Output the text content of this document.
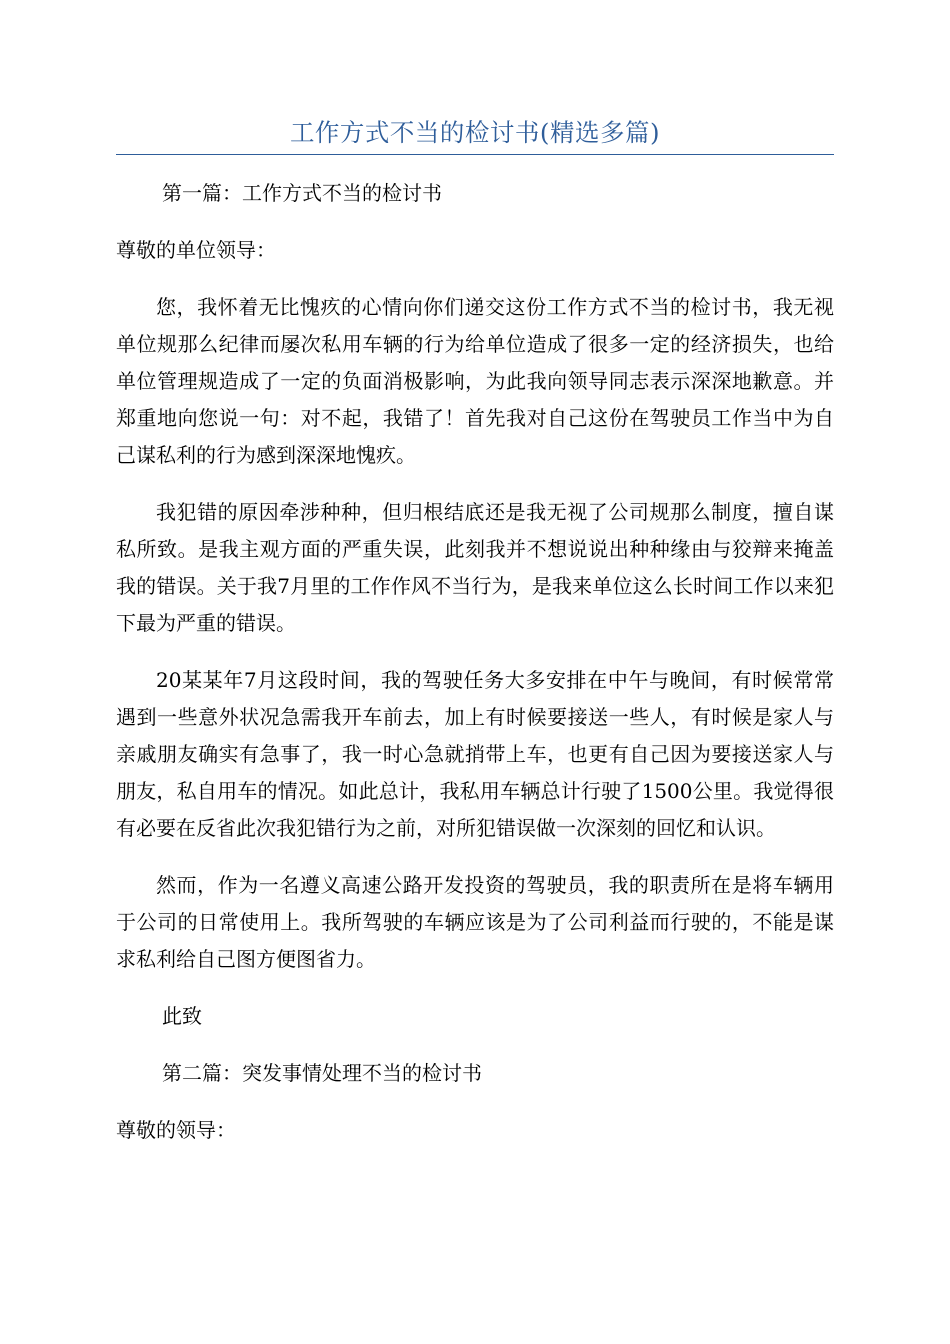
工作方式不当的检讨书(精选多篇)

第一篇：工作方式不当的检讨书

尊敬的单位领导：

您，我怀着无比愧疚的心情向你们递交这份工作方式不当的检讨书，我无视单位规那么纪律而屡次私用车辆的行为给单位造成了很多一定的经济损失，也给单位管理规造成了一定的负面消极影响，为此我向领导同志表示深深地歉意。并郑重地向您说一句：对不起，我错了！首先我对自己这份在驾驶员工作当中为自己谋私利的行为感到深深地愧疚。

我犯错的原因牵涉种种，但归根结底还是我无视了公司规那么制度，擅自谋私所致。是我主观方面的严重失误，此刻我并不想说说出种种缘由与狡辩来掩盖我的错误。关于我7月里的工作作风不当行为，是我来单位这么长时间工作以来犯下最为严重的错误。

20某某年7月这段时间，我的驾驶任务大多安排在中午与晚间，有时候常常遇到一些意外状况急需我开车前去，加上有时候要接送一些人，有时候是家人与亲戚朋友确实有急事了，我一时心急就捎带上车，也更有自己因为要接送家人与朋友，私自用车的情况。如此总计，我私用车辆总计行驶了1500公里。我觉得很有必要在反省此次我犯错行为之前，对所犯错误做一次深刻的回忆和认识。

然而，作为一名遵义高速公路开发投资的驾驶员，我的职责所在是将车辆用于公司的日常使用上。我所驾驶的车辆应该是为了公司利益而行驶的，不能是谋求私利给自己图方便图省力。

此致

第二篇：突发事情处理不当的检讨书

尊敬的领导：
